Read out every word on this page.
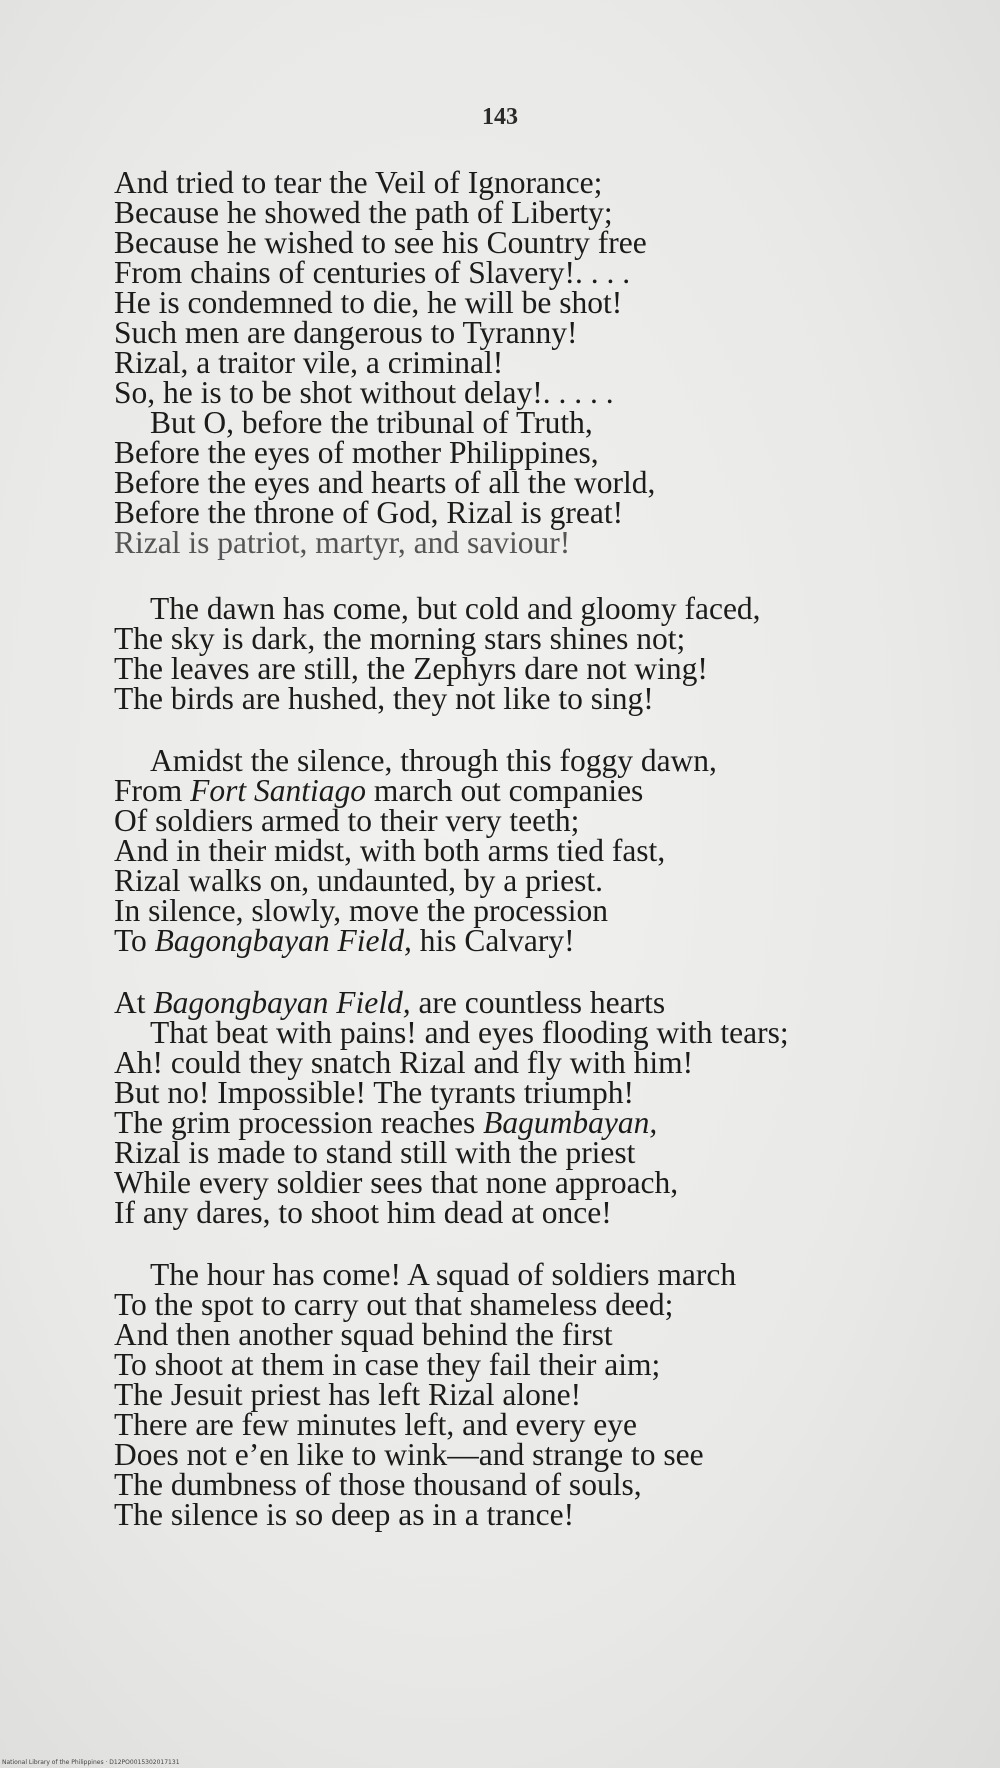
143
And tried to tear the Veil of Ignorance;
Because he showed the path of Liberty;
Because he wished to see his Country free
From chains of centuries of Slavery!. . . .
He is condemned to die, he will be shot!
Such men are dangerous to Tyranny!
Rizal, a traitor vile, a criminal!
So, he is to be shot without delay!. . . . .
But O, before the tribunal of Truth,
Before the eyes of mother Philippines,
Before the eyes and hearts of all the world,
Before the throne of God, Rizal is great!
Rizal is patriot, martyr, and saviour!
The dawn has come, but cold and gloomy faced,
The sky is dark, the morning stars shines not;
The leaves are still, the Zephyrs dare not wing!
The birds are hushed, they not like to sing!
Amidst the silence, through this foggy dawn,
From Fort Santiago march out companies
Of soldiers armed to their very teeth;
And in their midst, with both arms tied fast,
Rizal walks on, undaunted, by a priest.
In silence, slowly, move the procession
To Bagongbayan Field, his Calvary!
At Bagongbayan Field, are countless hearts
That beat with pains! and eyes flooding with tears;
Ah! could they snatch Rizal and fly with him!
But no! Impossible! The tyrants triumph!
The grim procession reaches Bagumbayan,
Rizal is made to stand still with the priest
While every soldier sees that none approach,
If any dares, to shoot him dead at once!
The hour has come! A squad of soldiers march
To the spot to carry out that shameless deed;
And then another squad behind the first
To shoot at them in case they fail their aim;
The Jesuit priest has left Rizal alone!
There are few minutes left, and every eye
Does not e’en like to wink—and strange to see
The dumbness of those thousand of souls,
The silence is so deep as in a trance!
National Library of the Philippines · D12PO0015302017131
